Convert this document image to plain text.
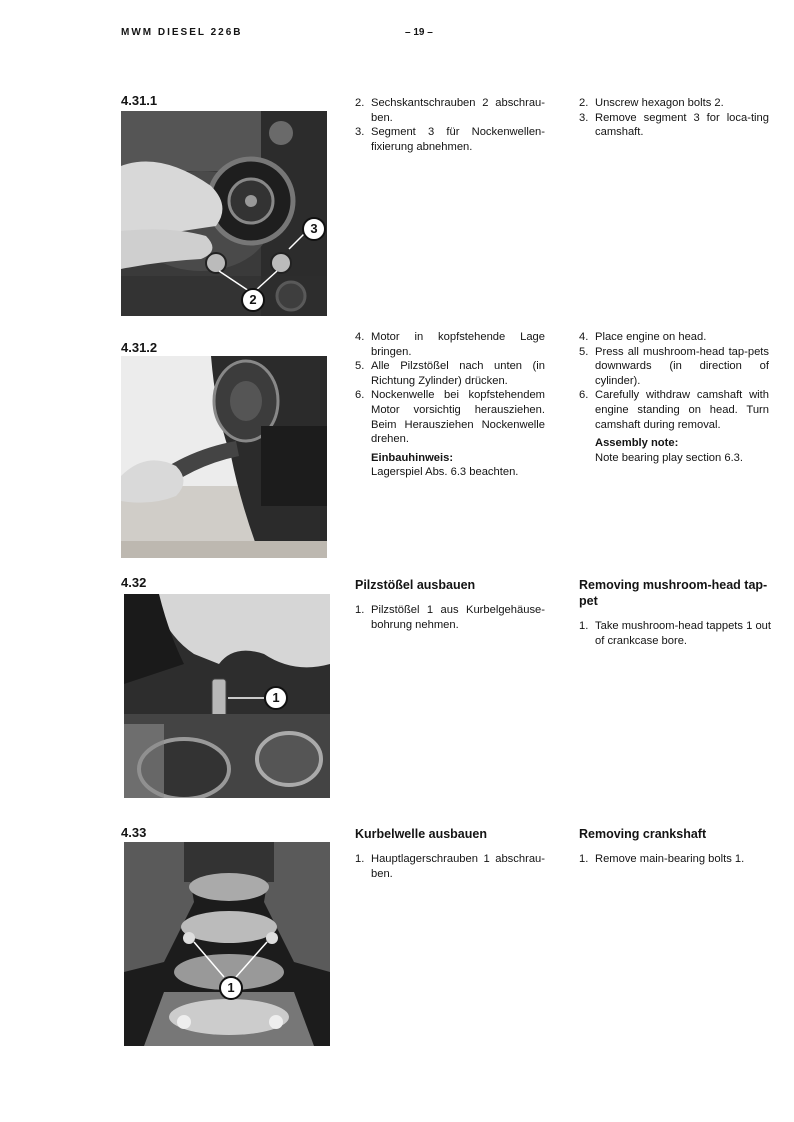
MWM DIESEL 226B	– 19 –
4.31.1
3
2
2. Sechskantschrauben 2 abschrau-ben.
3. Segment 3 für Nockenwellen-fixierung abnehmen.
2. Unscrew hexagon bolts 2.
3. Remove segment 3 for loca-ting camshaft.
4.31.2
4. Motor in kopfstehende Lage bringen.
5. Alle Pilzstößel nach unten (in Richtung Zylinder) drücken.
6. Nockenwelle bei kopfstehendem Motor vorsichtig herausziehen. Beim Herausziehen Nockenwelle drehen.
Einbauhinweis:
Lagerspiel Abs. 6.3 beachten.
4. Place engine on head.
5. Press all mushroom-head tap-pets downwards (in direction of cylinder).
6. Carefully withdraw camshaft with engine standing on head. Turn camshaft during removal.
Assembly note:
Note bearing play section 6.3.
4.32
1
Pilzstößel ausbauen
1. Pilzstößel 1 aus Kurbelgehäuse-bohrung nehmen.
Removing mushroom-head tap-pet
1. Take mushroom-head tappets 1 out of crankcase bore.
4.33
1
Kurbelwelle ausbauen
1. Hauptlagerschrauben 1 abschrau-ben.
Removing crankshaft
1. Remove main-bearing bolts 1.
